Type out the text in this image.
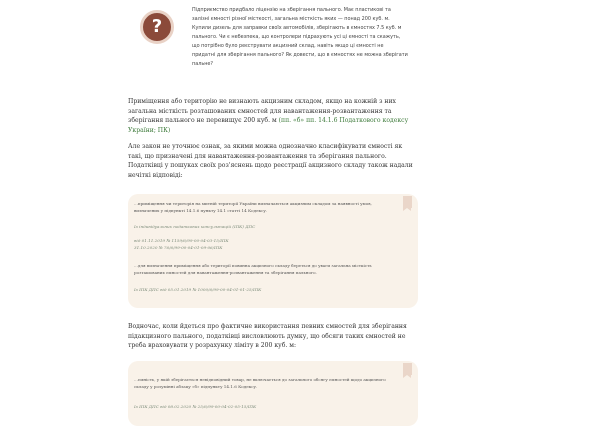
?
Підприємство придбало ліцензію на зберігання пального. Має пластикові та залізні ємності різної місткості, загальна місткість яких — понад 200 куб. м. Купили дизель для заправки своїх автомобілів, зберігають в ємностях 7.5 куб. м пального. Чи є небезпека, що контролери підрахують усі ці ємності та скажуть, що потрібно було реєструвати акцизний склад, навіть якщо ці ємності не придатні для зберігання пального? Як довести, що в ємностях не можна зберігати пальне?
Приміщення або територію не визнають акцизним складом, якщо на кожній з них загальна місткість розташованих ємностей для навантаження-розвантаження та зберігання пального не перевищує 200 куб. м (пп. «б» пп. 14.1.6 Податкового кодексу України; ПК)
Але закон не уточнює ознак, за якими можна однозначно класифікувати ємності як такі, що призначені для навантаження-розвантаження та зберігання пального. Податківці у пошуках своїх роз'яснень щодо реєстрації акцизного складу також надали нечіткі відповіді:
...приміщення чи територія на митній території України визначаються акцизним складом за наявності умов,
визначених у підпункті 14.1.6 пункту 14.1 статті 14 Кодексу.
Із індивідуальних податкових консультацій (ІПК) ДПС
від 01.11.2019 № 1159/6/99-00-04-03-15/ІПК
31.10.2020 № 76/6/99-00-04-01-09-06/ІПК
...для визначення приміщення або території повинна акцизного складу береться до уваги загальна місткість
розташованих ємностей для навантаження-розвантаження та зберігання пального.
Із ІПК ДПС від 05.01.2019 № 1000/6/99-00-04-01-01-25/ІПК
Водночас, коли йдеться про фактичне використання певних ємностей для зберігання підакцизного пального, податківці висловлюють думку, що обсяги таких ємностей не треба враховувати у розрахунку ліміту в 200 куб. м:
...ємність, у якій зберігається невідповідний товар, не включається до загального обсягу ємностей щодо акцизного
складу у розумінні абзацу «б» підпункту 14.1.6 Кодексу.
Із ІПК ДПС від 08.02.2020 № 25/6/99-00-04-02-05-15/ІПК
